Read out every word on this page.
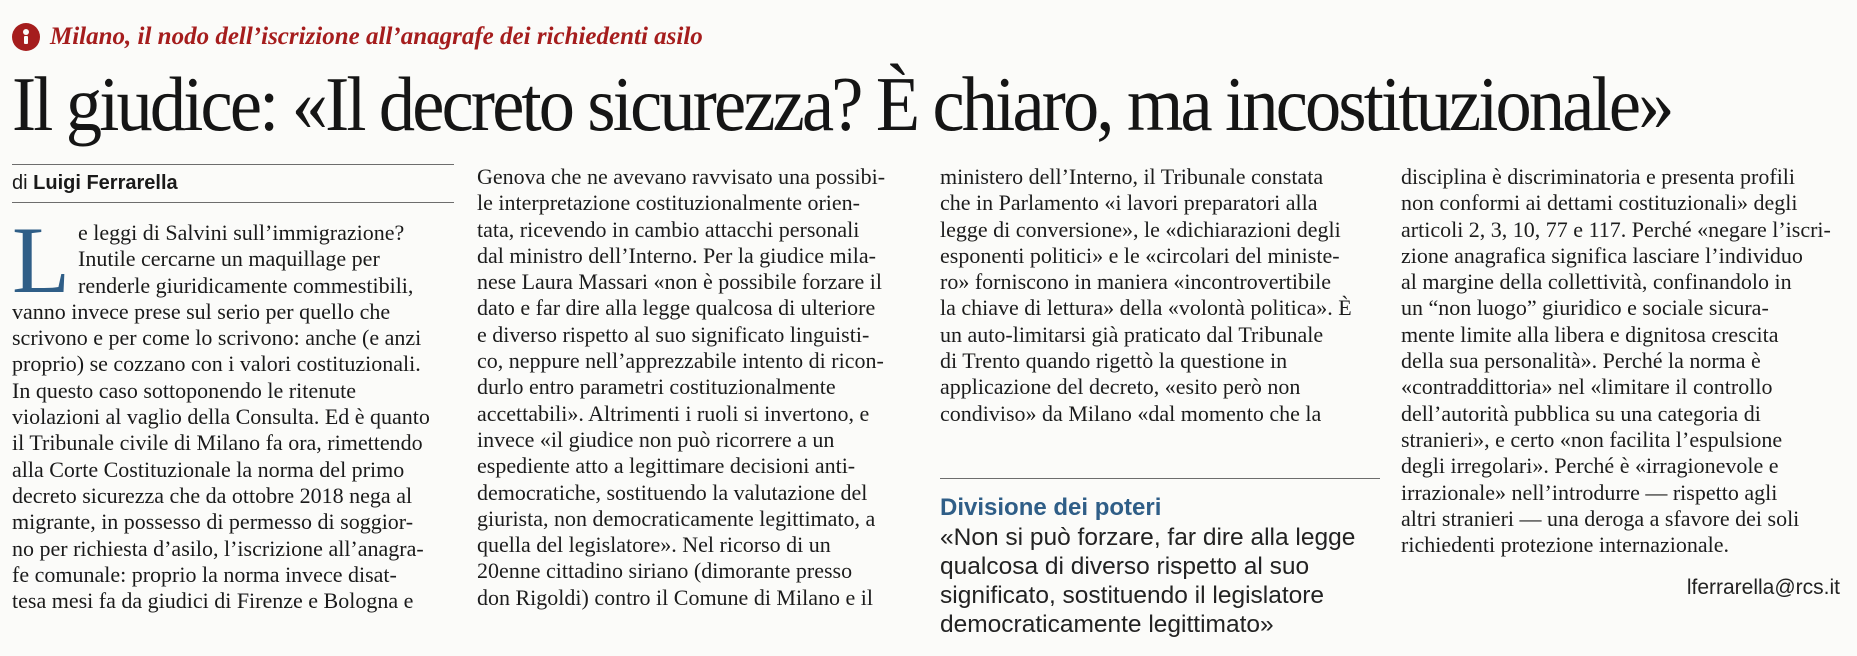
Milano, il nodo dell’iscrizione all’anagrafe dei richiedenti asilo
Il giudice: «Il decreto sicurezza? È chiaro, ma incostituzionale»
di Luigi Ferrarella
L e leggi di Salvini sull’immigrazione?
Inutile cercarne un maquillage per
renderle giuridicamente commestibili,
vanno invece prese sul serio per quello che
scrivono e per come lo scrivono: anche (e anzi
proprio) se cozzano con i valori costituzionali.
In questo caso sottoponendo le ritenute
violazioni al vaglio della Consulta. Ed è quanto
il Tribunale civile di Milano fa ora, rimettendo
alla Corte Costituzionale la norma del primo
decreto sicurezza che da ottobre 2018 nega al
migrante, in possesso di permesso di soggior-
no per richiesta d’asilo, l’iscrizione all’anagra-
fe comunale: proprio la norma invece disat-
tesa mesi fa da giudici di Firenze e Bologna e
Genova che ne avevano ravvisato una possibi-
le interpretazione costituzionalmente orien-
tata, ricevendo in cambio attacchi personali
dal ministro dell’Interno. Per la giudice mila-
nese Laura Massari «non è possibile forzare il
dato e far dire alla legge qualcosa di ulteriore
e diverso rispetto al suo significato linguisti-
co, neppure nell’apprezzabile intento di ricon-
durlo entro parametri costituzionalmente
accettabili». Altrimenti i ruoli si invertono, e
invece «il giudice non può ricorrere a un
espediente atto a legittimare decisioni anti-
democratiche, sostituendo la valutazione del
giurista, non democraticamente legittimato, a
quella del legislatore». Nel ricorso di un
20enne cittadino siriano (dimorante presso
don Rigoldi) contro il Comune di Milano e il
ministero dell’Interno, il Tribunale constata
che in Parlamento «i lavori preparatori alla
legge di conversione», le «dichiarazioni degli
esponenti politici» e le «circolari del ministe-
ro» forniscono in maniera «incontrovertibile
la chiave di lettura» della «volontà politica». È
un auto-limitarsi già praticato dal Tribunale
di Trento quando rigettò la questione in
applicazione del decreto, «esito però non
condiviso» da Milano «dal momento che la
Divisione dei poteri
«Non si può forzare, far dire alla legge
qualcosa di diverso rispetto al suo
significato, sostituendo il legislatore
democraticamente legittimato»
disciplina è discriminatoria e presenta profili
non conformi ai dettami costituzionali» degli
articoli 2, 3, 10, 77 e 117. Perché «negare l’iscri-
zione anagrafica significa lasciare l’individuo
al margine della collettività, confinandolo in
un “non luogo” giuridico e sociale sicura-
mente limite alla libera e dignitosa crescita
della sua personalità». Perché la norma è
«contraddittoria» nel «limitare il controllo
dell’autorità pubblica su una categoria di
stranieri», e certo «non facilita l’espulsione
degli irregolari». Perché è «irragionevole e
irrazionale» nell’introdurre — rispetto agli
altri stranieri — una deroga a sfavore dei soli
richiedenti protezione internazionale.
lferrarella@rcs.it
